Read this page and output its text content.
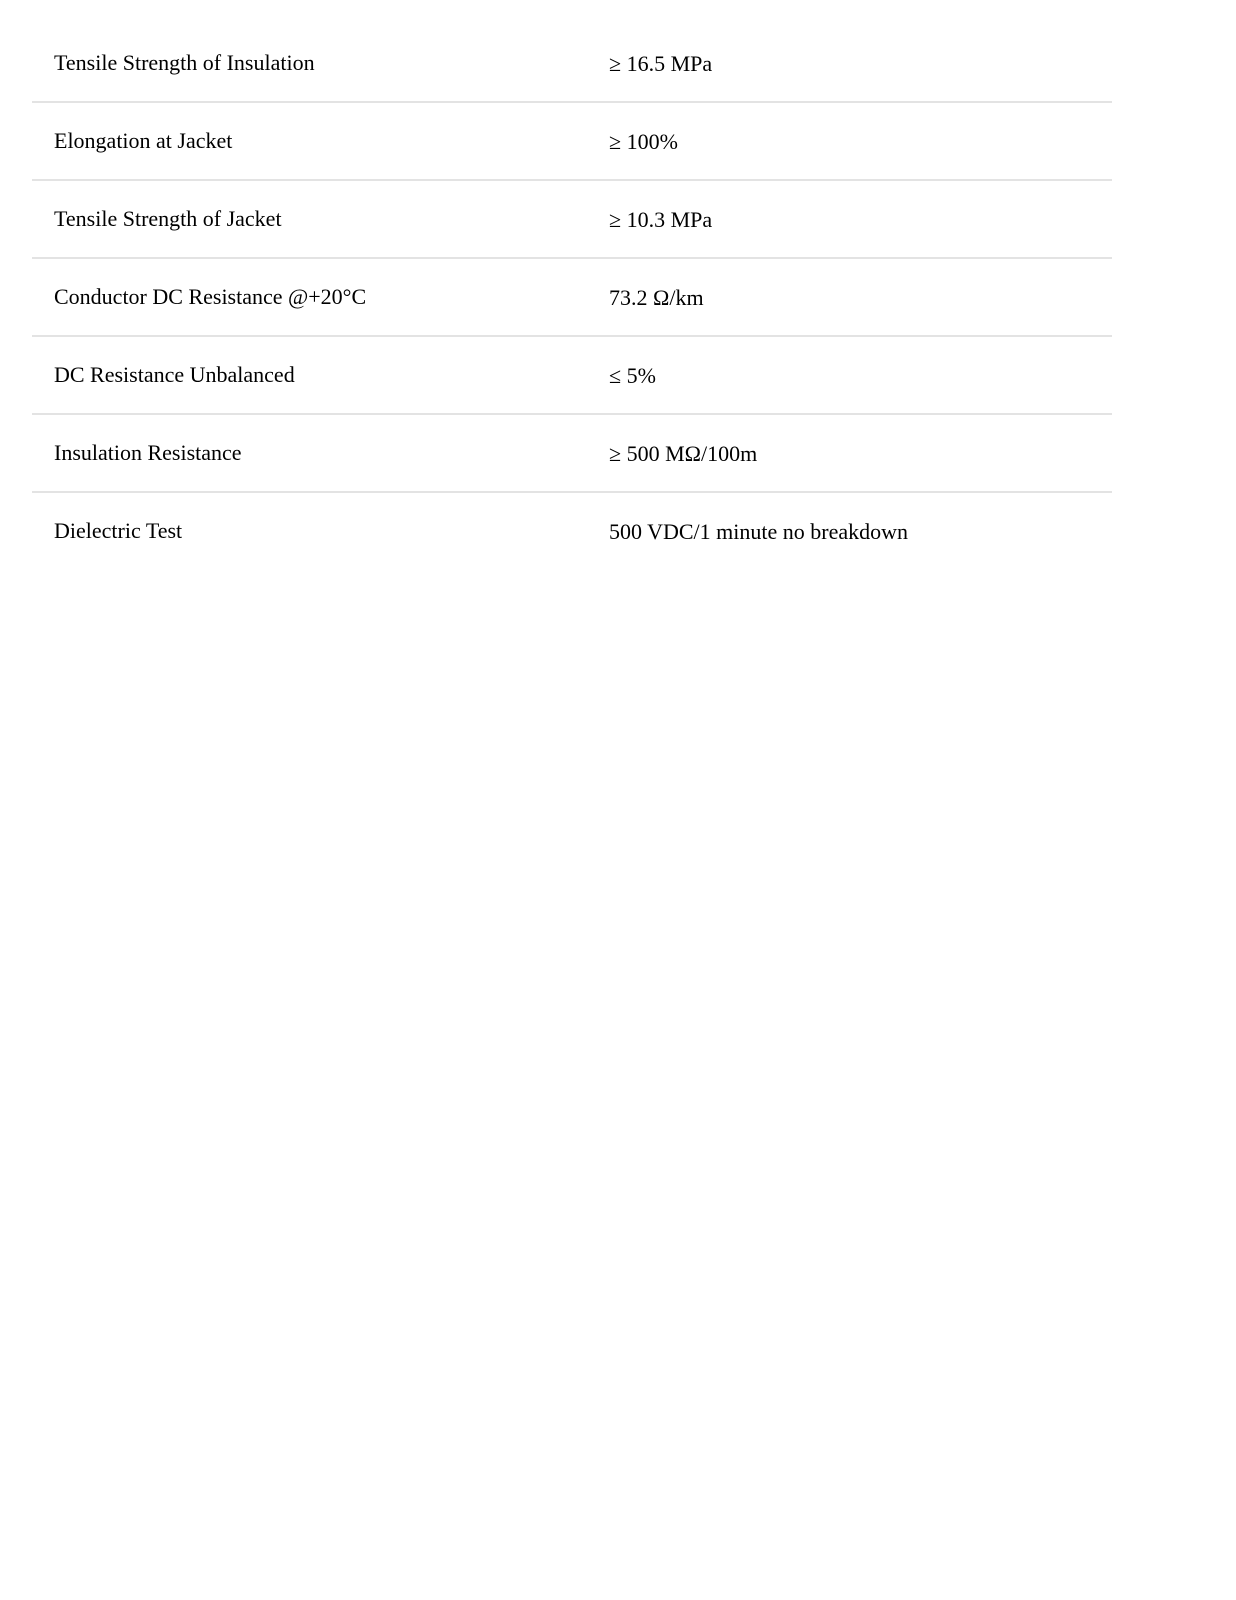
Tensile Strength of Insulation	≥ 16.5 MPa
Elongation at Jacket	≥ 100%
Tensile Strength of Jacket	≥ 10.3 MPa
Conductor DC Resistance @+20°C	73.2 Ω/km
DC Resistance Unbalanced	≤ 5%
Insulation Resistance	≥ 500 MΩ/100m
Dielectric Test	500 VDC/1 minute no breakdown
